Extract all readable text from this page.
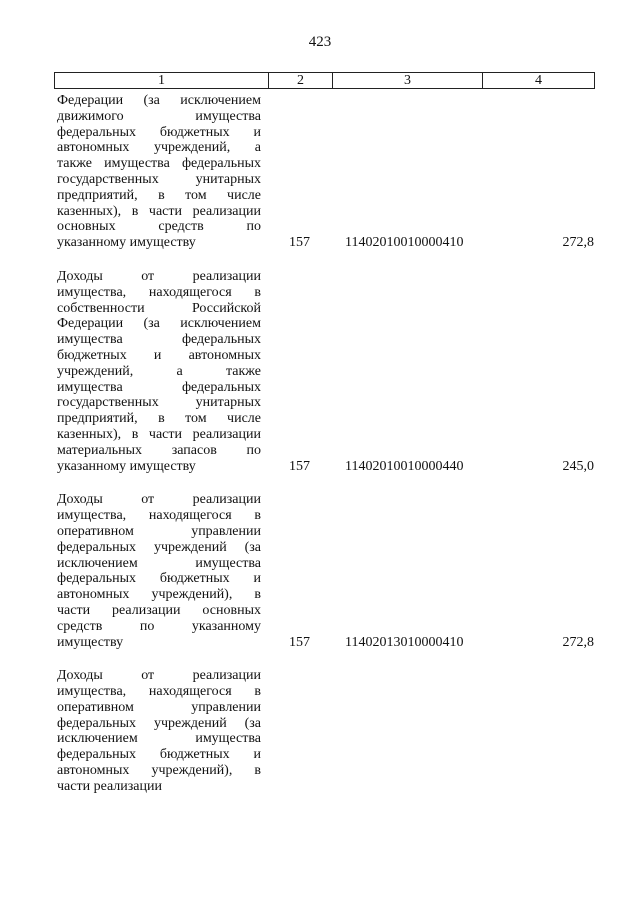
423
1	2	3	4
Федерации (за исключением
движимого имущества
федеральных бюджетных и
автономных учреждений, а
также имущества федеральных
государственных унитарных
предприятий, в том числе
казенных), в части реализации
основных средств по
указанному имуществу	157	11402010010000410	272,8
Доходы от реализации
имущества, находящегося в
собственности Российской
Федерации (за исключением
имущества федеральных
бюджетных и автономных
учреждений, а также
имущества федеральных
государственных унитарных
предприятий, в том числе
казенных), в части реализации
материальных запасов по
указанному имуществу	157	11402010010000440	245,0
Доходы от реализации
имущества, находящегося в
оперативном управлении
федеральных учреждений (за
исключением имущества
федеральных бюджетных и
автономных учреждений), в
части реализации основных
средств по указанному
имуществу	157	11402013010000410	272,8
Доходы от реализации
имущества, находящегося в
оперативном управлении
федеральных учреждений (за
исключением имущества
федеральных бюджетных и
автономных учреждений), в
части реализации
